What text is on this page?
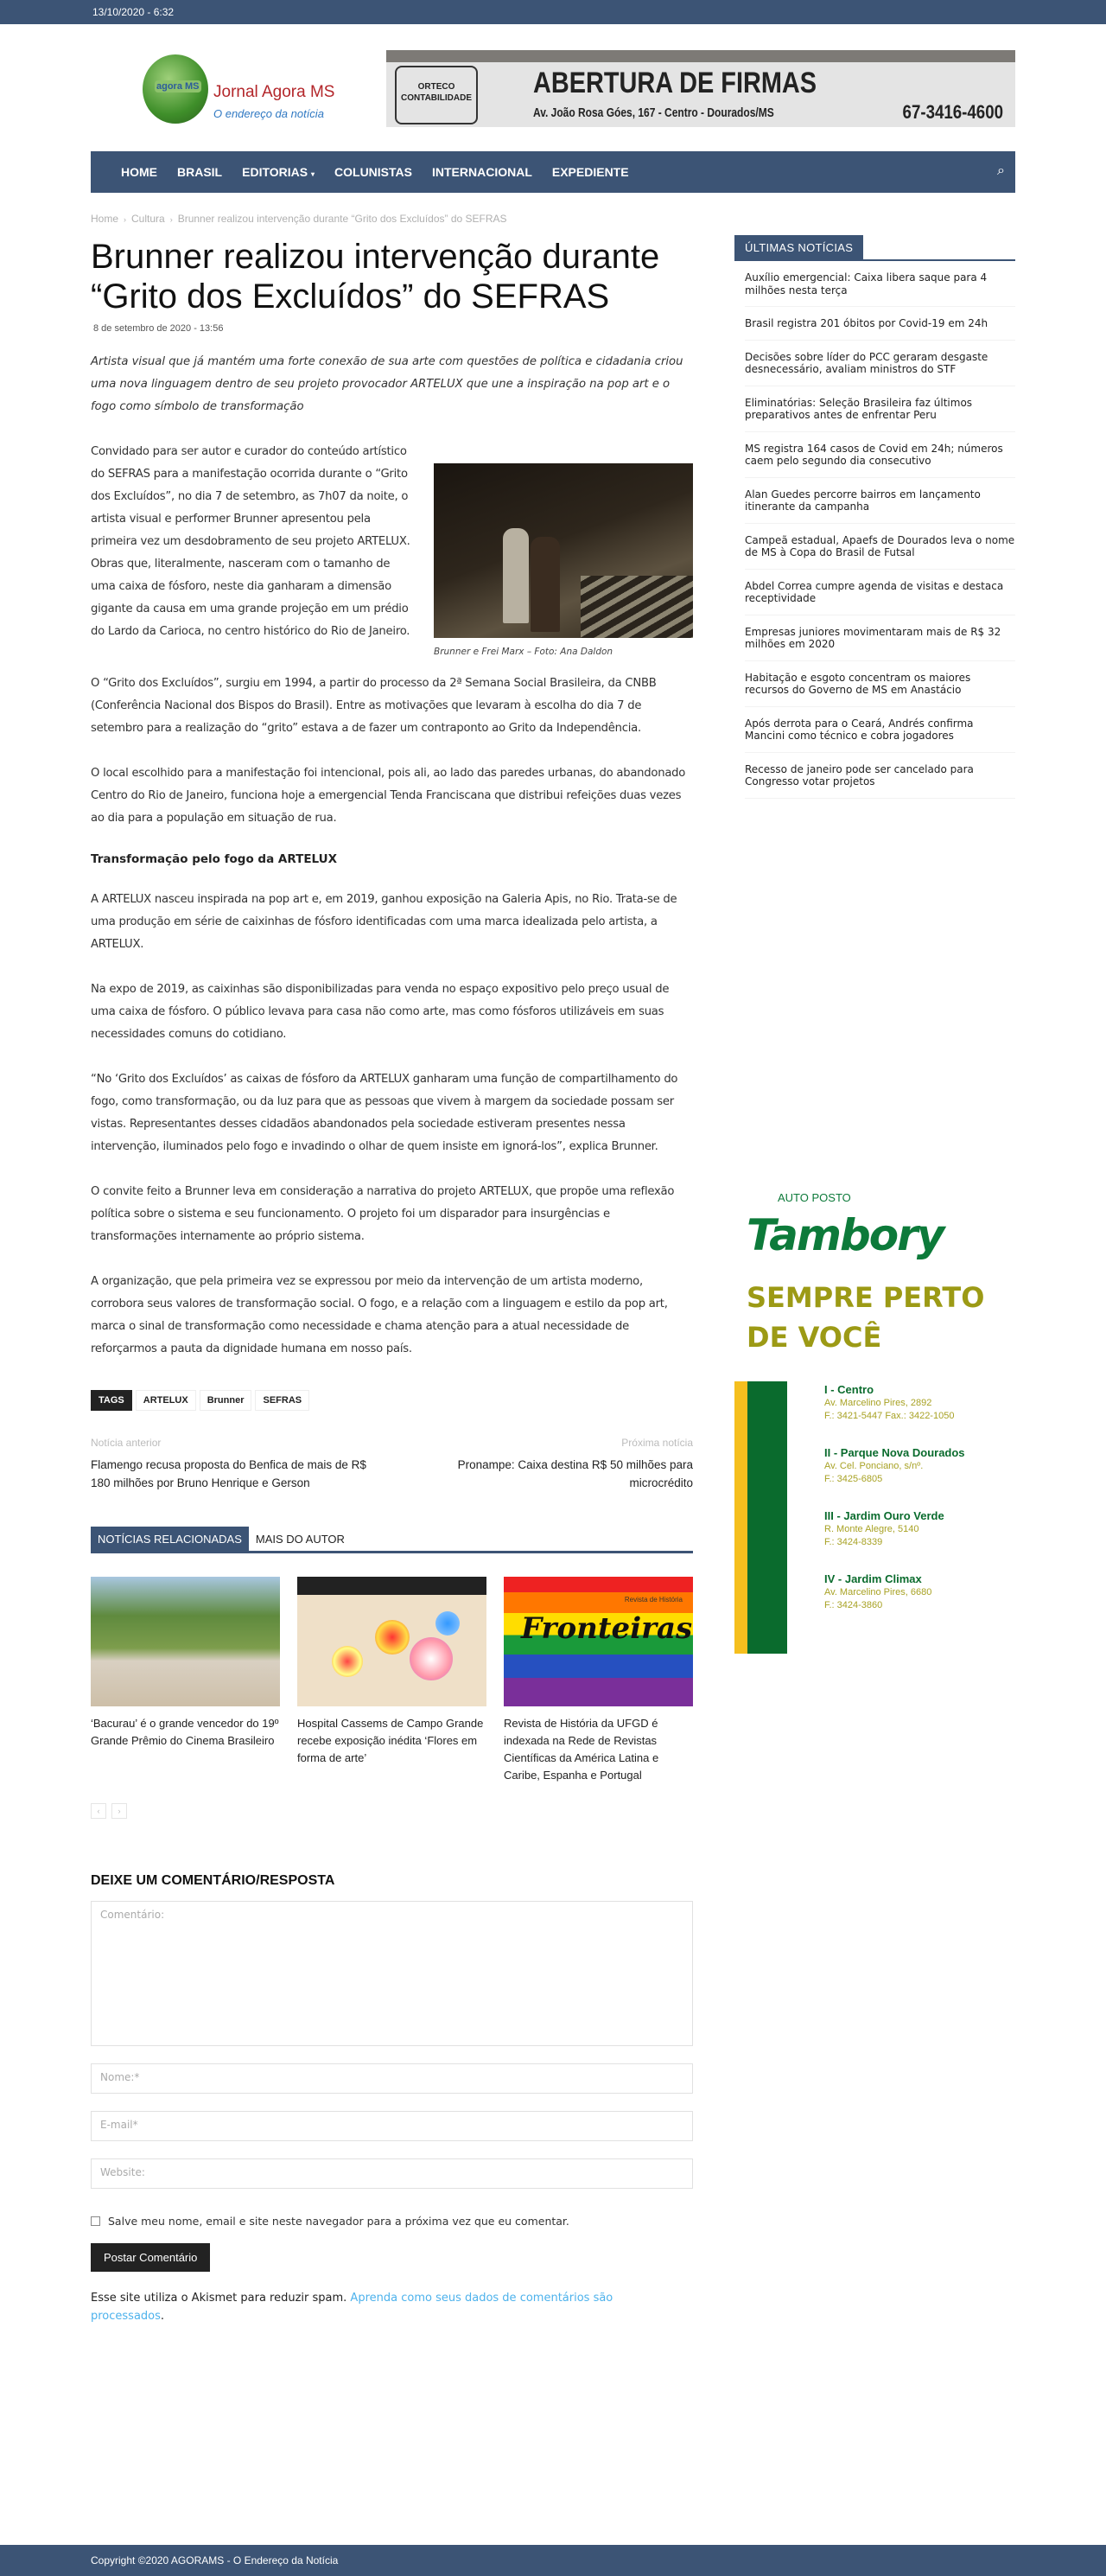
13/10/2020 - 6:32
agora MS Jornal Agora MS
O endereço da notícia
ORTECO CONTABILIDADE ABERTURA DE FIRMAS
Av. João Rosa Góes, 167 - Centro - Dourados/MS	67-3416-4600
HOME BRASIL EDITORIAS ▾ COLUNISTAS INTERNACIONAL EXPEDIENTE	⌕
Home › Cultura › Brunner realizou intervenção durante “Grito dos Excluídos” do SEFRAS
Brunner realizou intervenção durante “Grito dos Excluídos” do SEFRAS
8 de setembro de 2020 - 13:56
Artista visual que já mantém uma forte conexão de sua arte com questões de política e cidadania criou uma nova linguagem dentro de seu projeto provocador ARTELUX que une a inspiração na pop art e o fogo como símbolo de transformação
Brunner e Frei Marx – Foto: Ana Daldon

Convidado para ser autor e curador do conteúdo artístico do SEFRAS para a manifestação ocorrida durante o “Grito dos Excluídos”, no dia 7 de setembro, as 7h07 da noite, o artista visual e performer Brunner apresentou pela primeira vez um desdobramento de seu projeto ARTELUX. Obras que, literalmente, nasceram com o tamanho de uma caixa de fósforo, neste dia ganharam a dimensão gigante da causa em uma grande projeção em um prédio do Lardo da Carioca, no centro histórico do Rio de Janeiro.

O “Grito dos Excluídos”, surgiu em 1994, a partir do processo da 2ª Semana Social Brasileira, da CNBB (Conferência Nacional dos Bispos do Brasil). Entre as motivações que levaram à escolha do dia 7 de setembro para a realização do “grito” estava a de fazer um contraponto ao Grito da Independência.

O local escolhido para a manifestação foi intencional, pois ali, ao lado das paredes urbanas, do abandonado Centro do Rio de Janeiro, funciona hoje a emergencial Tenda Franciscana que distribui refeições duas vezes ao dia para a população em situação de rua.

Transformação pelo fogo da ARTELUX

A ARTELUX nasceu inspirada na pop art e, em 2019, ganhou exposição na Galeria Apis, no Rio. Trata-se de uma produção em série de caixinhas de fósforo identificadas com uma marca idealizada pelo artista, a ARTELUX.

Na expo de 2019, as caixinhas são disponibilizadas para venda no espaço expositivo pelo preço usual de uma caixa de fósforo. O público levava para casa não como arte, mas como fósforos utilizáveis em suas necessidades comuns do cotidiano.

“No ‘Grito dos Excluídos’ as caixas de fósforo da ARTELUX ganharam uma função de compartilhamento do fogo, como transformação, ou da luz para que as pessoas que vivem à margem da sociedade possam ser vistas. Representantes desses cidadãos abandonados pela sociedade estiveram presentes nessa intervenção, iluminados pelo fogo e invadindo o olhar de quem insiste em ignorá-los”, explica Brunner.

O convite feito a Brunner leva em consideração a narrativa do projeto ARTELUX, que propõe uma reflexão política sobre o sistema e seu funcionamento. O projeto foi um disparador para insurgências e transformações internamente ao próprio sistema.

A organização, que pela primeira vez se expressou por meio da intervenção de um artista moderno, corrobora seus valores de transformação social. O fogo, e a relação com a linguagem e estilo da pop art, marca o sinal de transformação como necessidade e chama atenção para a atual necessidade de reforçarmos a pauta da dignidade humana em nosso país.

TAGS	ARTELUX	Brunner	SEFRAS
Notícia anterior
Flamengo recusa proposta do Benfica de mais de R$ 180 milhões por Bruno Henrique e Gerson
Próxima notícia
Pronampe: Caixa destina R$ 50 milhões para microcrédito
NOTÍCIAS RELACIONADAS	MAIS DO AUTOR
‘Bacurau’ é o grande vencedor do 19º Grande Prêmio do Cinema Brasileiro
Hospital Cassems de Campo Grande recebe exposição inédita ‘Flores em forma de arte’
Revista de História
Fronteiras
Revista de História da UFGD é indexada na Rede de Revistas Científicas da América Latina e Caribe, Espanha e Portugal
‹	›
DEIXE UM COMENTÁRIO/RESPOSTA
Comentário:
Nome:*
E-mail*
Website:
Salve meu nome, email e site neste navegador para a próxima vez que eu comentar.
Postar Comentário
Esse site utiliza o Akismet para reduzir spam. Aprenda como seus dados de comentários são processados.
ÚLTIMAS NOTÍCIAS
Auxílio emergencial: Caixa libera saque para 4 milhões nesta terça
Brasil registra 201 óbitos por Covid-19 em 24h
Decisões sobre líder do PCC geraram desgaste desnecessário, avaliam ministros do STF
Eliminatórias: Seleção Brasileira faz últimos preparativos antes de enfrentar Peru
MS registra 164 casos de Covid em 24h; números caem pelo segundo dia consecutivo
Alan Guedes percorre bairros em lançamento itinerante da campanha
Campeã estadual, Apaefs de Dourados leva o nome de MS à Copa do Brasil de Futsal
Abdel Correa cumpre agenda de visitas e destaca receptividade
Empresas juniores movimentaram mais de R$ 32 milhões em 2020
Habitação e esgoto concentram os maiores recursos do Governo de MS em Anastácio
Após derrota para o Ceará, Andrés confirma Mancini como técnico e cobra jogadores
Recesso de janeiro pode ser cancelado para Congresso votar projetos
AUTO POSTO
Tambory
SEMPRE PERTO
DE VOCÊ
I - Centro
Av. Marcelino Pires, 2892
F.: 3421-5447 Fax.: 3422-1050
II - Parque Nova Dourados
Av. Cel. Ponciano, s/nº.
F.: 3425-6805
III - Jardim Ouro Verde
R. Monte Alegre, 5140
F.: 3424-8339
IV - Jardim Climax
Av. Marcelino Pires, 6680
F.: 3424-3860
Copyright ©2020 AGORAMS - O Endereço da Notícia
